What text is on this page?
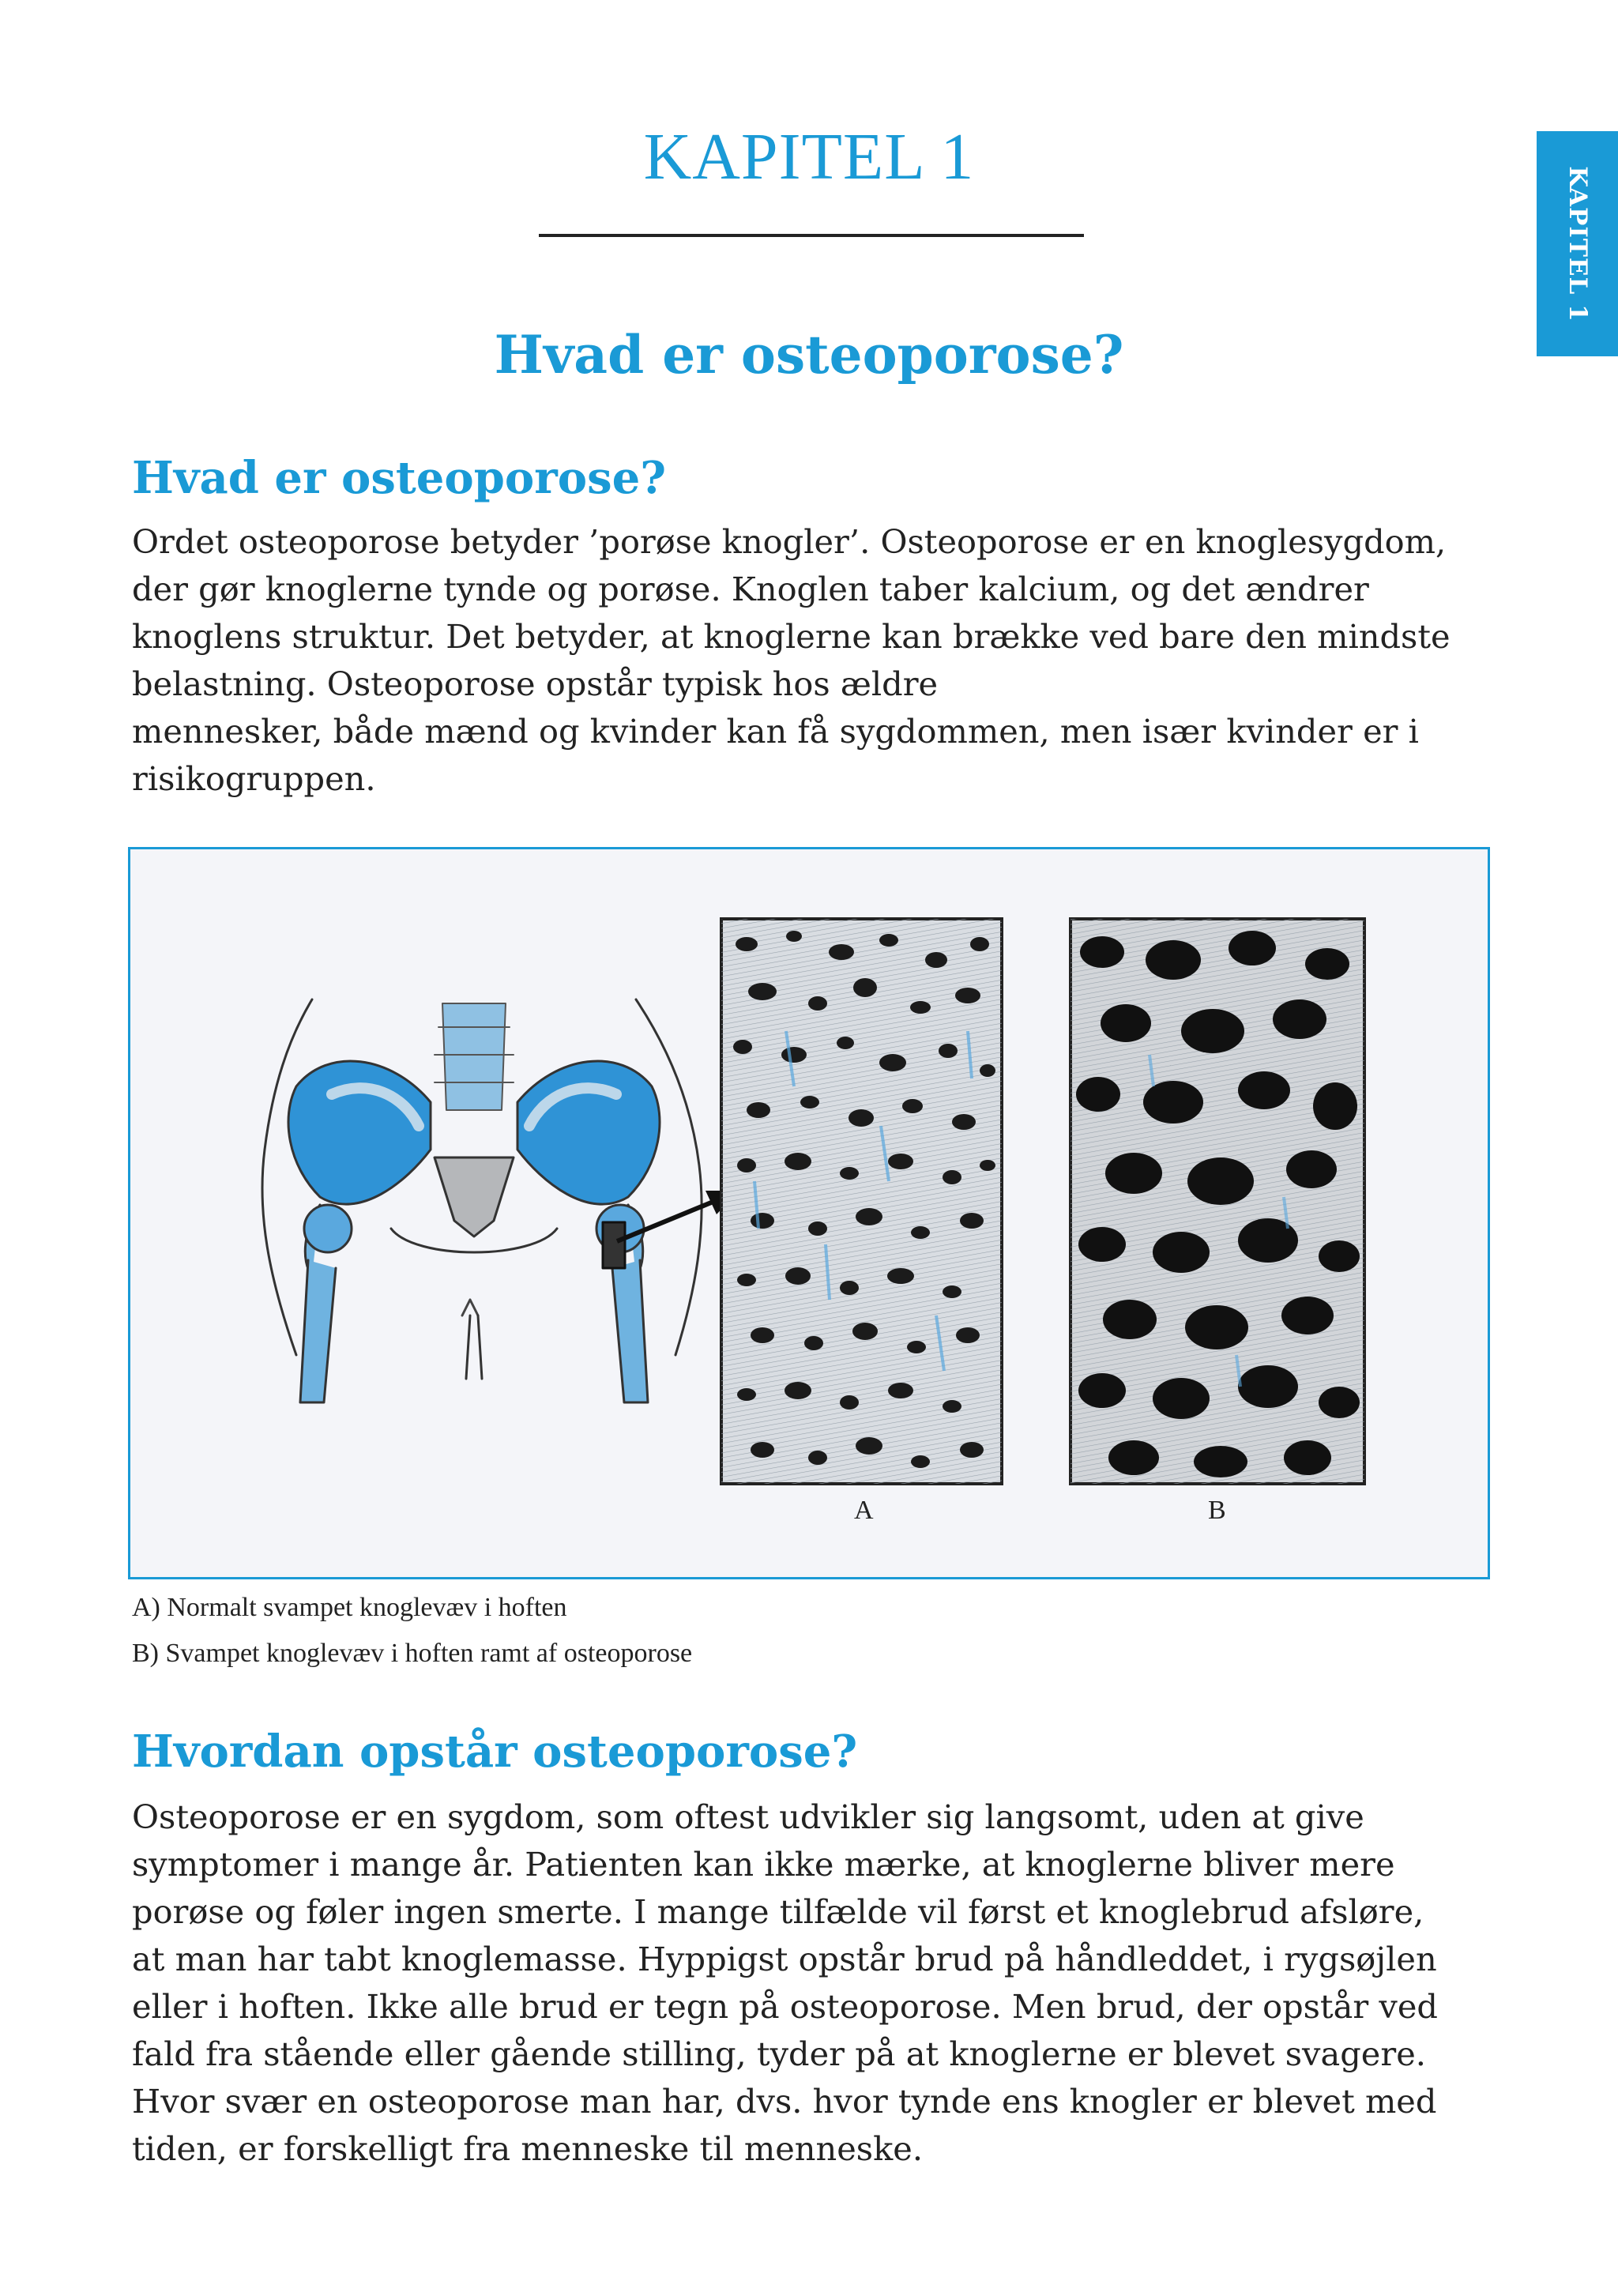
KAPITEL 1
KAPITEL 1
Hvad er osteoporose?
Hvad er osteoporose?

Ordet osteoporose betyder ’porøse knogler’. Osteoporose er en knoglesygdom,
der gør knoglerne tynde og porøse. Knoglen taber kalcium, og det ændrer
knoglens struktur. Det betyder, at knoglerne kan brække ved bare den mindste
belastning. Osteoporose opstår typisk hos ældre
mennesker, både mænd og kvinder kan få sygdommen, men især kvinder er i
risikogruppen.

A	B

A) Normalt svampet knoglevæv i hoften

B) Svampet knoglevæv i hoften ramt af osteoporose

Hvordan opstår osteoporose?

Osteoporose er en sygdom, som oftest udvikler sig langsomt, uden at give
symptomer i mange år. Patienten kan ikke mærke, at knoglerne bliver mere
porøse og føler ingen smerte. I mange tilfælde vil først et knoglebrud afsløre,
at man har tabt knoglemasse. Hyppigst opstår brud på håndleddet, i rygsøjlen
eller i hoften. Ikke alle brud er tegn på osteoporose. Men brud, der opstår ved
fald fra stående eller gående stilling, tyder på at knoglerne er blevet svagere.
Hvor svær en osteoporose man har, dvs. hvor tynde ens knogler er blevet med
tiden, er forskelligt fra menneske til menneske.
